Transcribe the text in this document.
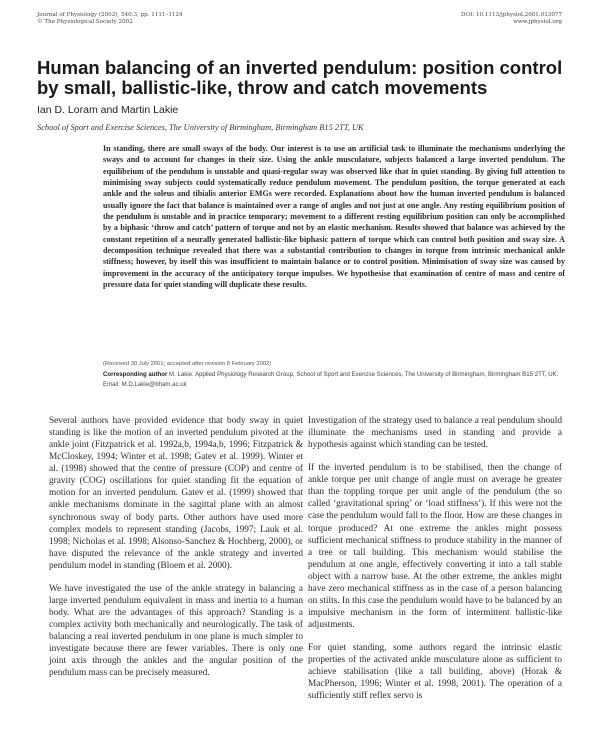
Journal of Physiology (2002), 540.3, pp. 1111–1124
© The Physiological Society 2002
DOI: 10.1113/jphysiol.2001.013077
www.jphysiol.org
Human balancing of an inverted pendulum: position control by small, ballistic-like, throw and catch movements
Ian D. Loram and Martin Lakie
School of Sport and Exercise Sciences, The University of Birmingham, Birmingham B15 2TT, UK

In standing, there are small sways of the body. Our interest is to use an artificial task to illuminate the mechanisms underlying the sways and to account for changes in their size. Using the ankle musculature, subjects balanced a large inverted pendulum. The equilibrium of the pendulum is unstable and quasi-regular sway was observed like that in quiet standing. By giving full attention to minimising sway subjects could systematically reduce pendulum movement. The pendulum position, the torque generated at each ankle and the soleus and tibialis anterior EMGs were recorded. Explanations about how the human inverted pendulum is balanced usually ignore the fact that balance is maintained over a range of angles and not just at one angle. Any resting equilibrium position of the pendulum is unstable and in practice temporary; movement to a different resting equilibrium position can only be accomplished by a biphasic ‘throw and catch’ pattern of torque and not by an elastic mechanism. Results showed that balance was achieved by the constant repetition of a neurally generated ballistic-like biphasic pattern of torque which can control both position and sway size. A decomposition technique revealed that there was a substantial contribution to changes in torque from intrinsic mechanical ankle stiffness; however, by itself this was insufficient to maintain balance or to control position. Minimisation of sway size was caused by improvement in the accuracy of the anticipatory torque impulses. We hypothesise that examination of centre of mass and centre of pressure data for quiet standing will duplicate these results.

(Received 30 July 2001; accepted after revision 8 February 2002)

Corresponding author M. Lakie: Applied Physiology Research Group, School of Sport and Exercise Sciences, The University of Birmingham, Birmingham B15 2TT, UK. Email: M.D.Lakie@bham.ac.uk

Several authors have provided evidence that body sway in quiet standing is like the motion of an inverted pendulum pivoted at the ankle joint (Fitzpatrick et al. 1992a,b, 1994a,b, 1996; Fitzpatrick & McCloskey, 1994; Winter et al. 1998; Gatev et al. 1999). Winter et al. (1998) showed that the centre of pressure (COP) and centre of gravity (COG) oscillations for quiet standing fit the equation of motion for an inverted pendulum. Gatev et al. (1999) showed that ankle mechanisms dominate in the sagittal plane with an almost synchronous sway of body parts. Other authors have used more complex models to represent standing (Jacobs, 1997; Lauk et al. 1998; Nicholas et al. 1998; Alsonso-Sanchez & Hochberg, 2000), or have disputed the relevance of the ankle strategy and inverted pendulum model in standing (Bloem et al. 2000).

We have investigated the use of the ankle strategy in balancing a large inverted pendulum equivalent in mass and inertia to a human body. What are the advantages of this approach? Standing is a complex activity both mechanically and neurologically. The task of balancing a real inverted pendulum in one plane is much simpler to investigate because there are fewer variables. There is only one joint axis through the ankles and the angular position of the pendulum mass can be precisely measured.

Investigation of the strategy used to balance a real pendulum should illuminate the mechanisms used in standing and provide a hypothesis against which standing can be tested.

If the inverted pendulum is to be stabilised, then the change of ankle torque per unit change of angle must on average be greater than the toppling torque per unit angle of the pendulum (the so called ‘gravitational spring’ or ‘load stiffness’). If this were not the case the pendulum would fall to the floor. How are these changes in torque produced? At one extreme the ankles might possess sufficient mechanical stiffness to produce stability in the manner of a tree or tall building. This mechanism would stabilise the pendulum at one angle, effectively converting it into a tall stable object with a narrow base. At the other extreme, the ankles might have zero mechanical stiffness as in the case of a person balancing on stilts. In this case the pendulum would have to be balanced by an impulsive mechanism in the form of intermittent ballistic-like adjustments.

For quiet standing, some authors regard the intrinsic elastic properties of the activated ankle musculature alone as sufficient to achieve stabilisation (like a tall building, above) (Horak & MacPherson, 1996; Winter et al. 1998, 2001). The operation of a sufficiently stiff reflex servo is
